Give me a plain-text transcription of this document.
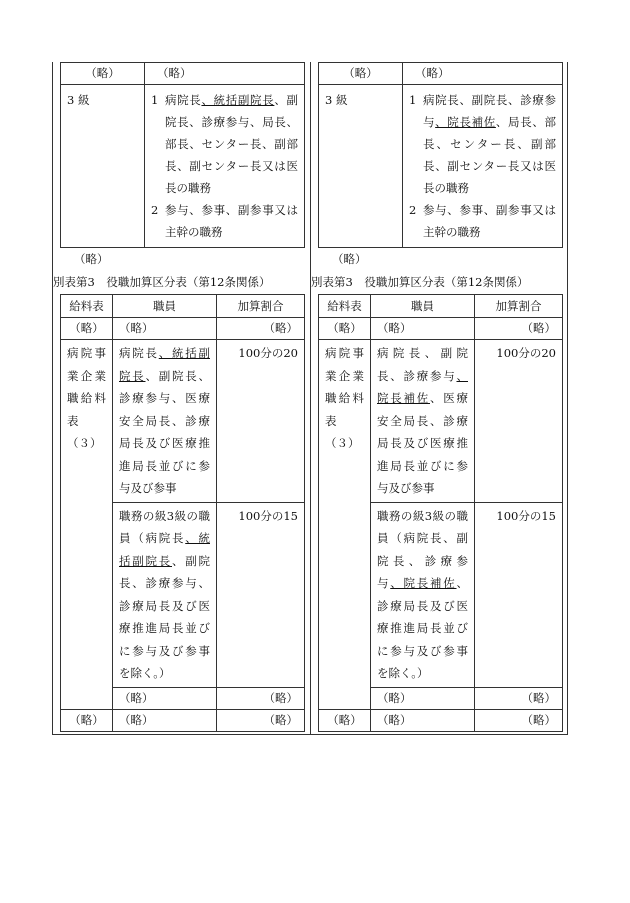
（略）	（略）
3 級	1 病院長、統括副院長、副院長、診療参与、局長、部長、センター長、副部長、副センター長又は医長の職務
2 参与、参事、副参事又は主幹の職務
（略）
別表第3　役職加算区分表（第12条関係）
給料表	職員	加算割合
（略）	（略）	（略）
病院事業企業職給料表（３）	病院長、統括副院長、副院長、診療参与、医療安全局長、診療局長及び医療推進局長並びに参与及び参事	100分の20
	職務の級3級の職員（病院長、統括副院長、副院長、診療参与、診療局長及び医療推進局長並びに参与及び参事を除く。）	100分の15
	（略）	（略）
（略）	（略）	（略）
（略）	（略）
3 級	1 病院長、副院長、診療参与、院長補佐、局長、部長、センター長、副部長、副センター長又は医長の職務
2 参与、参事、副参事又は主幹の職務
（略）
別表第3　役職加算区分表（第12条関係）
給料表	職員	加算割合
（略）	（略）	（略）
病院事業企業職給料表（３）	病院長、副院長、診療参与、院長補佐、医療安全局長、診療局長及び医療推進局長並びに参与及び参事	100分の20
	職務の級3級の職員（病院長、副院長、診療参与、院長補佐、診療局長及び医療推進局長並びに参与及び参事を除く。）	100分の15
	（略）	（略）
（略）	（略）	（略）
